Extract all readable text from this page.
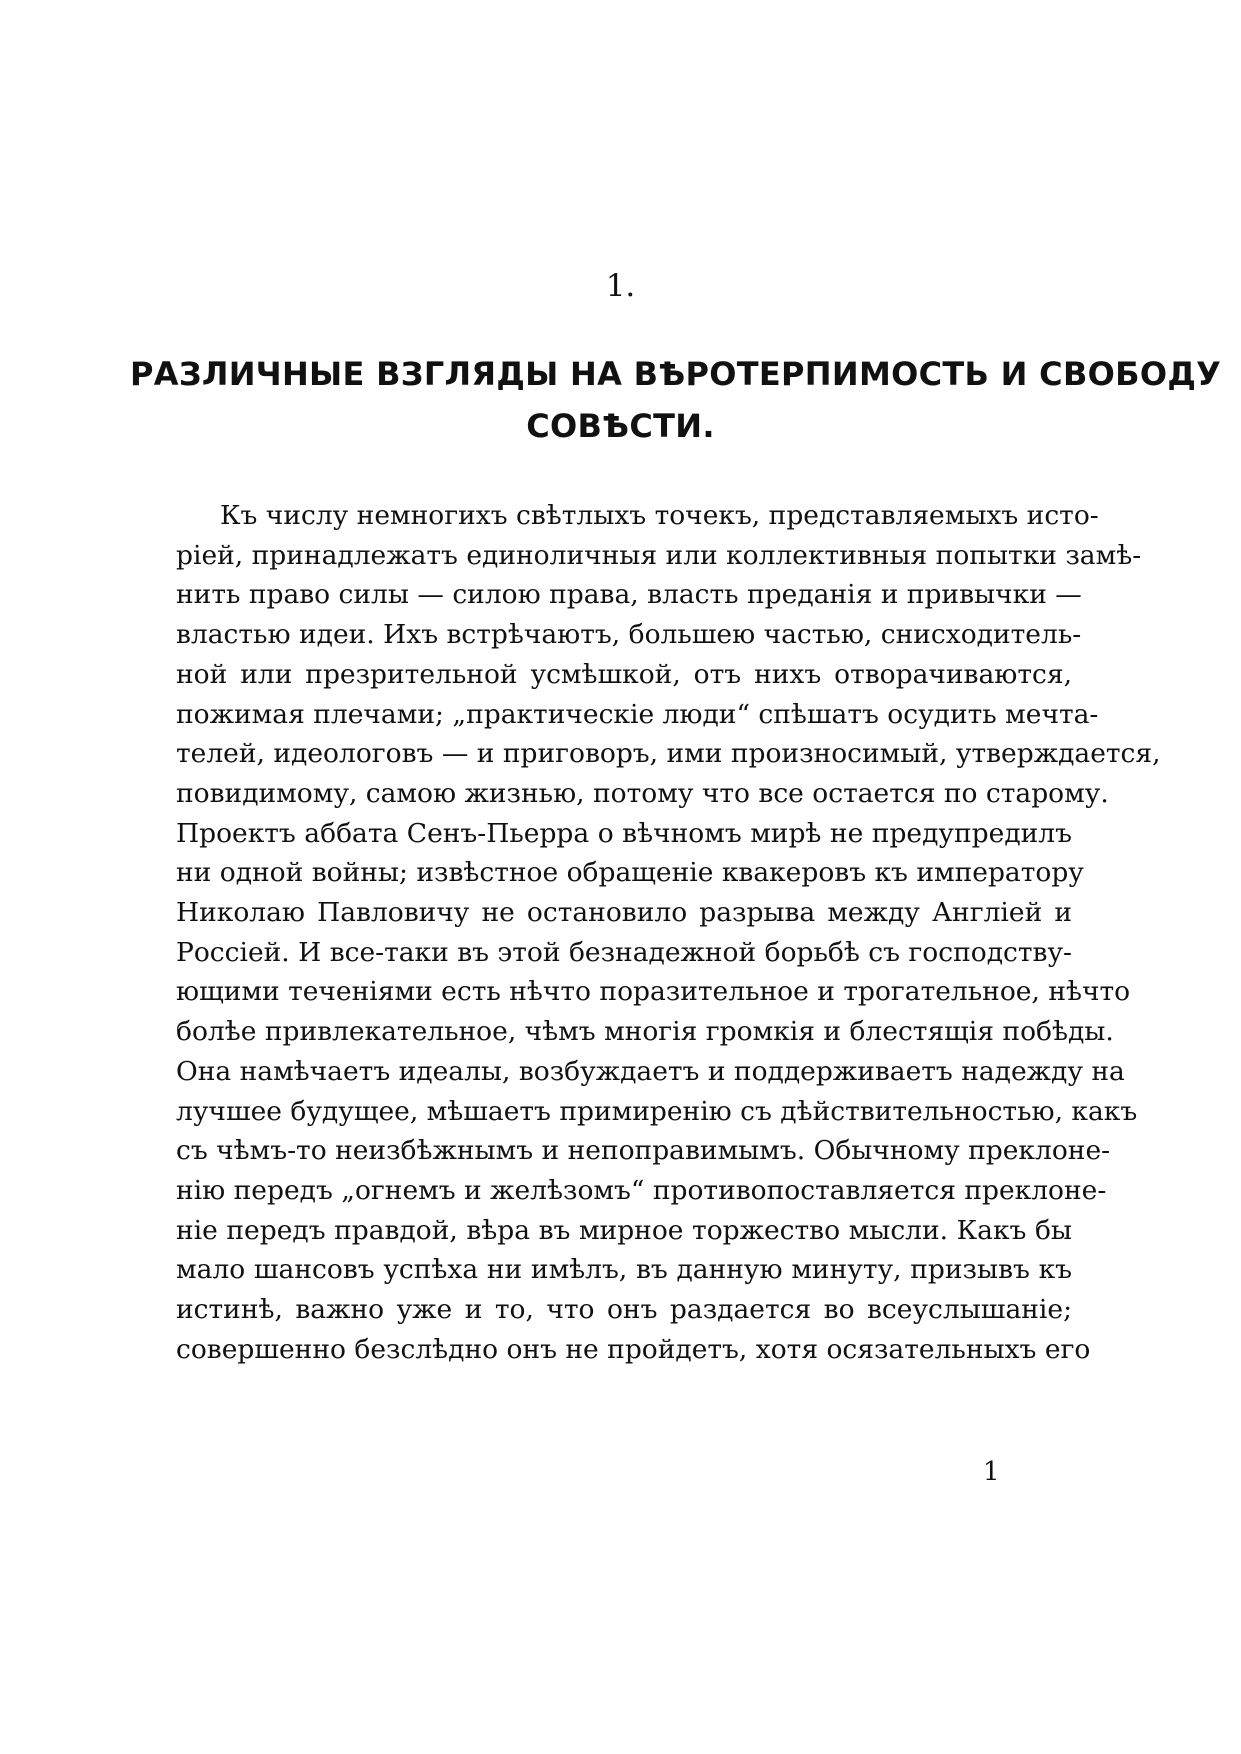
1.
РАЗЛИЧНЫЕ ВЗГЛЯДЫ НА ВѢРОТЕРПИМОСТЬ И СВОБОДУ
СОВѢСТИ.
Къ числу немногихъ свѣтлыхъ точекъ, представляемыхъ исто-
ріей, принадлежатъ единоличныя или коллективныя попытки замѣ-
нить право силы — силою права, власть преданія и привычки —
властью идеи. Ихъ встрѣчаютъ, большею частью, снисходитель-
ной или презрительной усмѣшкой, отъ нихъ отворачиваются,
пожимая плечами; „практическіе люди“ спѣшатъ осудить мечта-
телей, идеологовъ — и приговоръ, ими произносимый, утверждается,
повидимому, самою жизнью, потому что все остается по старому.
Проектъ аббата Сенъ-Пьерра о вѣчномъ мирѣ не предупредилъ
ни одной войны; извѣстное обращеніе квакеровъ къ императору
Николаю Павловичу не остановило разрыва между Англіей и
Россіей. И все-таки въ этой безнадежной борьбѣ съ господству-
ющими теченіями есть нѣчто поразительное и трогательное, нѣчто
болѣе привлекательное, чѣмъ многія громкія и блестящія побѣды.
Она намѣчаетъ идеалы, возбуждаетъ и поддерживаетъ надежду на
лучшее будущее, мѣшаетъ примиренію съ дѣйствительностью, какъ
съ чѣмъ-то неизбѣжнымъ и непоправимымъ. Обычному преклоне-
нію передъ „огнемъ и желѣзомъ“ противопоставляется преклоне-
ніе передъ правдой, вѣра въ мирное торжество мысли. Какъ бы
мало шансовъ успѣха ни имѣлъ, въ данную минуту, призывъ къ
истинѣ, важно уже и то, что онъ раздается во всеуслышаніе;
совершенно безслѣдно онъ не пройдетъ, хотя осязательныхъ его
1
